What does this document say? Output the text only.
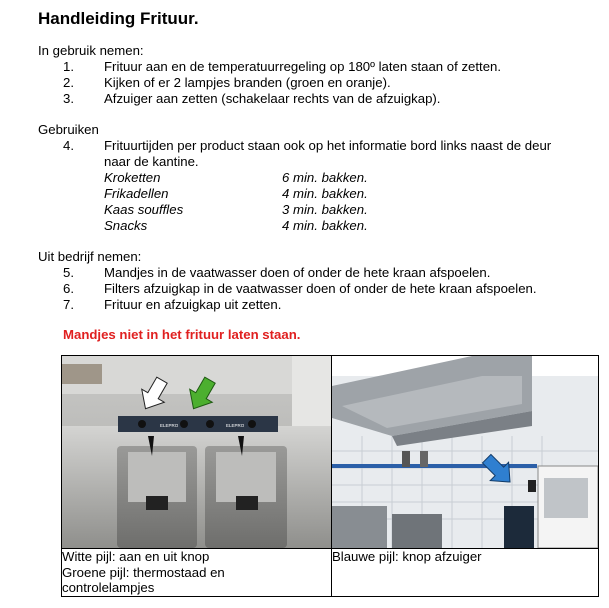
Handleiding Frituur.
In gebruik nemen:
1.	Frituur aan en de temperatuurregeling op 180º laten staan of zetten.
2.	Kijken of er 2 lampjes branden (groen en oranje).
3.	Afzuiger aan zetten (schakelaar rechts van de afzuigkap).
Gebruiken
4.	Frituurtijden per product staan ook op het informatie bord links naast de deur
naar de kantine.
Kroketten	6 min. bakken.
Frikadellen	4 min. bakken.
Kaas souffles	3 min. bakken.
Snacks	4 min. bakken.
Uit bedrijf nemen:
5.	Mandjes in de vaatwasser doen of onder de hete kraan afspoelen.
6.	Filters afzuigkap in de vaatwasser doen of onder de hete kraan afspoelen.
7.	Frituur en afzuigkap uit zetten.
Mandjes niet in het frituur laten staan.
ELEPRO ELEPRO

Witte pijl: aan en uit knop
Groene pijl: thermostaad en
controlelampjes	Blauwe pijl: knop afzuiger
